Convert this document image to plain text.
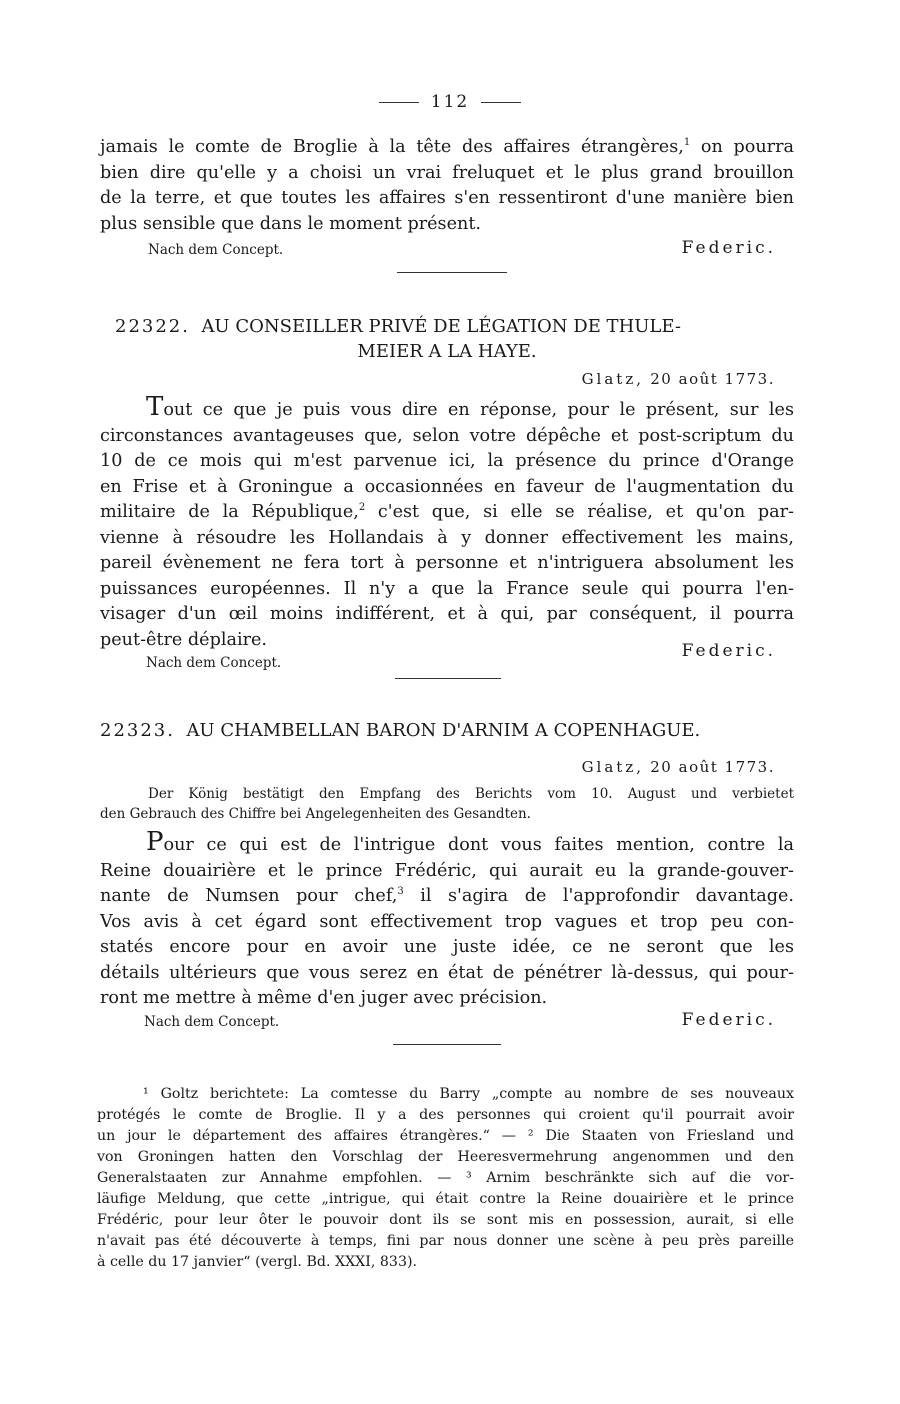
112
jamais le comte de Broglie à la tête des affaires étrangères,$^1$ on pourra
bien dire qu'elle y a choisi un vrai freluquet et le plus grand brouillon
de la terre, et que toutes les affaires s'en ressentiront d'une manière bien
plus sensible que dans le moment présent.
Nach dem Concept.	Federic.
22322. AU CONSEILLER PRIVÉ DE LÉGATION DE THULE-
MEIER A LA HAYE.
Glatz, 20 août 1773.
Tout ce que je puis vous dire en réponse, pour le présent, sur les
circonstances avantageuses que, selon votre dépêche et post-scriptum du
10 de ce mois qui m'est parvenue ici, la présence du prince d'Orange
en Frise et à Groningue a occasionnées en faveur de l'augmentation du
militaire de la République,$^2$ c'est que, si elle se réalise, et qu'on par-
vienne à résoudre les Hollandais à y donner effectivement les mains,
pareil évènement ne fera tort à personne et n'intriguera absolument les
puissances européennes. Il n'y a que la France seule qui pourra l'en-
visager d'un œil moins indifférent, et à qui, par conséquent, il pourra
peut-être déplaire.
Nach dem Concept.
Federic.
22323. AU CHAMBELLAN BARON D'ARNIM A COPENHAGUE.
Glatz, 20 août 1773.
Der König bestätigt den Empfang des Berichts vom 10. August und verbietet
den Gebrauch des Chiffre bei Angelegenheiten des Gesandten.
Pour ce qui est de l'intrigue dont vous faites mention, contre la
Reine douairière et le prince Frédéric, qui aurait eu la grande-gouver-
nante de Numsen pour chef,$^3$ il s'agira de l'approfondir davantage.
Vos avis à cet égard sont effectivement trop vagues et trop peu con-
statés encore pour en avoir une juste idée, ce ne seront que les
détails ultérieurs que vous serez en état de pénétrer là-dessus, qui pour-
ront me mettre à même d'en juger avec précision.
Nach dem Concept.	Federic.
¹ Goltz berichtete: La comtesse du Barry „compte au nombre de ses nouveaux
protégés le comte de Broglie. Il y a des personnes qui croient qu'il pourrait avoir
un jour le département des affaires étrangères.“ — ² Die Staaten von Friesland und
von Groningen hatten den Vorschlag der Heeresvermehrung angenommen und den
Generalstaaten zur Annahme empfohlen. — ³ Arnim beschränkte sich auf die vor-
läufige Meldung, que cette „intrigue, qui était contre la Reine douairière et le prince
Frédéric, pour leur ôter le pouvoir dont ils se sont mis en possession, aurait, si elle
n'avait pas été découverte à temps, fini par nous donner une scène à peu près pareille
à celle du 17 janvier“ (vergl. Bd. XXXI, 833).
